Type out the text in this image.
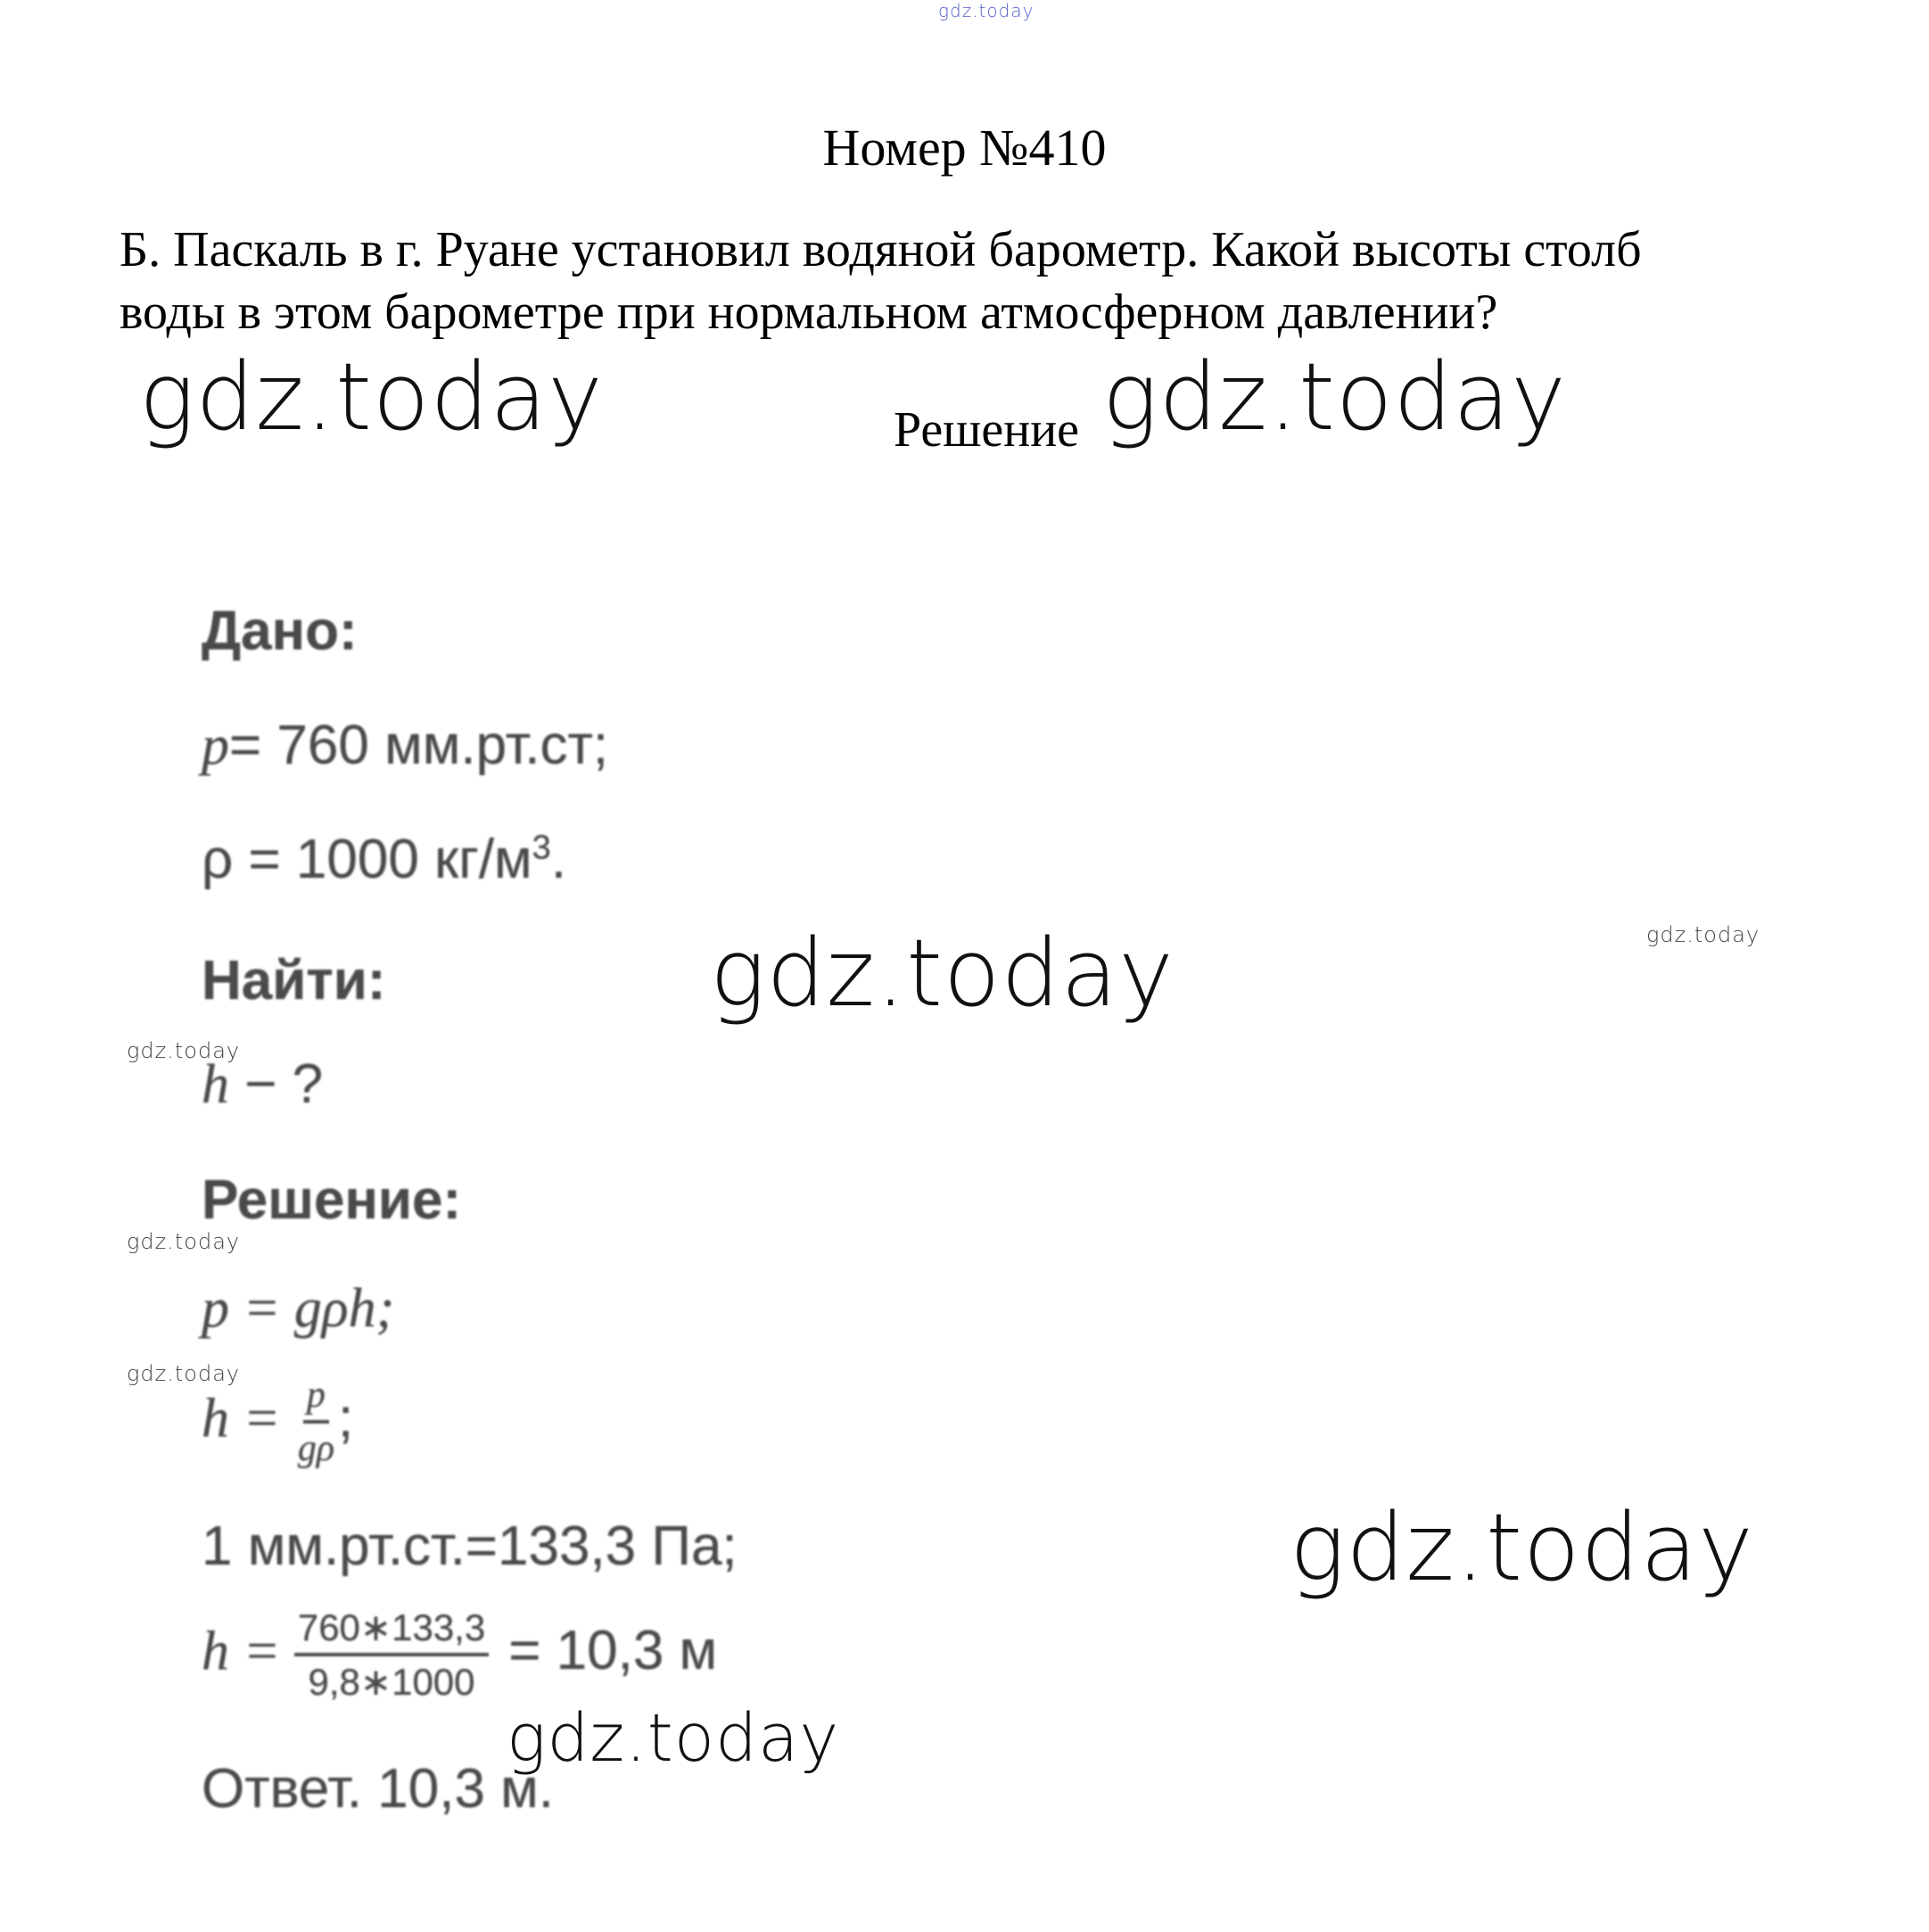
gdz.today
gdz.today	gdz.today
gdz.today
gdz.today
gdz.today
gdz.today
gdz.today
gdz.today
gdz.today
Номер №410
Б. Паскаль в г. Руане установил водяной барометр. Какой высоты столб
воды в этом барометре при нормальном атмосферном давлении?
Решение
Дано:
p= 760 мм.рт.ст;
ρ = 1000 $кг/м^3$.
Найти:
h − ?
Решение:
p = gρh;
$h = \frac{p}{g\rho}$ ;
1 мм.рт.ст.=133,3 Па;
$h = \frac{760∗133,3}{9,8∗1000} = 10,3$ м
Ответ. 10,3 м.
